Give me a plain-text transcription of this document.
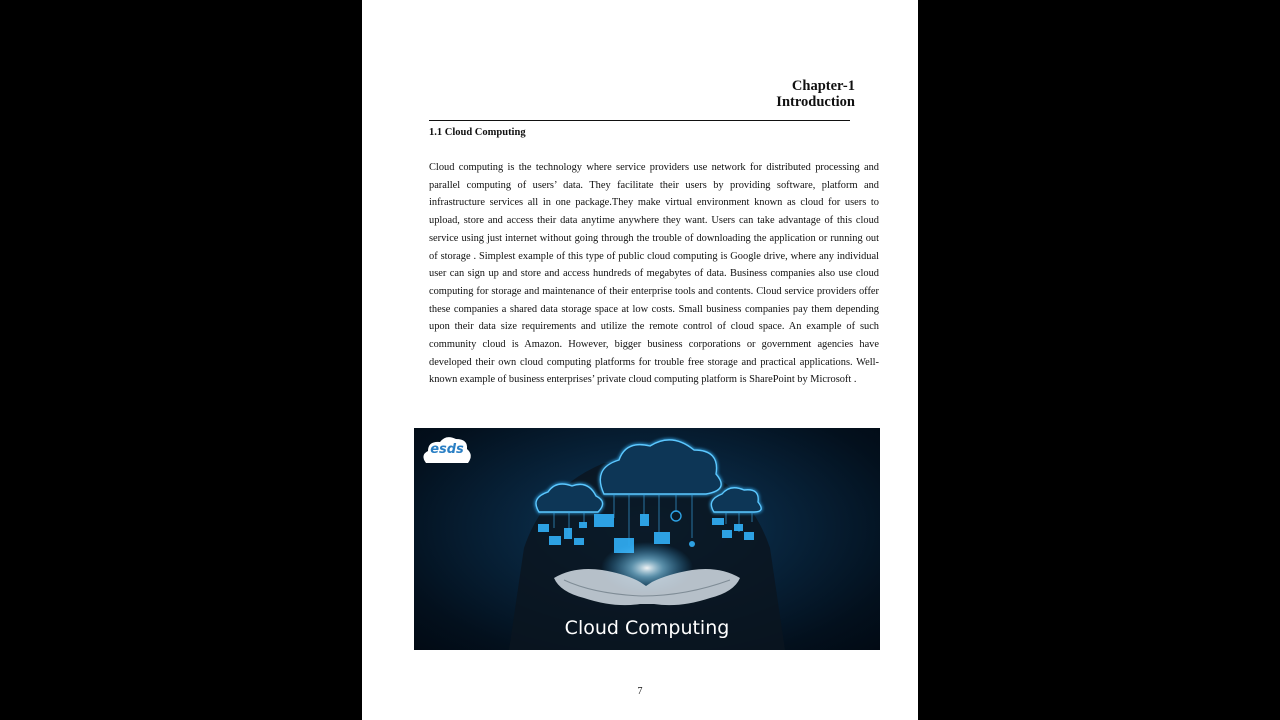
Chapter-1
Introduction
1.1 Cloud Computing
Cloud computing is the technology where service providers use network for distributed processing and parallel computing of users’ data. They facilitate their users by providing software, platform and infrastructure services all in one package.They make virtual environment known as cloud for users to upload, store and access their data anytime anywhere they want. Users can take advantage of this cloud service using just internet without going through the trouble of downloading the application or running out of storage . Simplest example of this type of public cloud computing is Google drive, where any individual user can sign up and store and access hundreds of megabytes of data. Business companies also use cloud computing for storage and maintenance of their enterprise tools and contents. Cloud service providers offer these companies a shared data storage space at low costs. Small business companies pay them depending upon their data size requirements and utilize the remote control of cloud space. An example of such community cloud is Amazon. However, bigger business corporations or government agencies have developed their own cloud computing platforms for trouble free storage and practical applications. Well-known example of business enterprises’ private cloud computing platform is SharePoint by Microsoft .
esds
Cloud Computing
7
